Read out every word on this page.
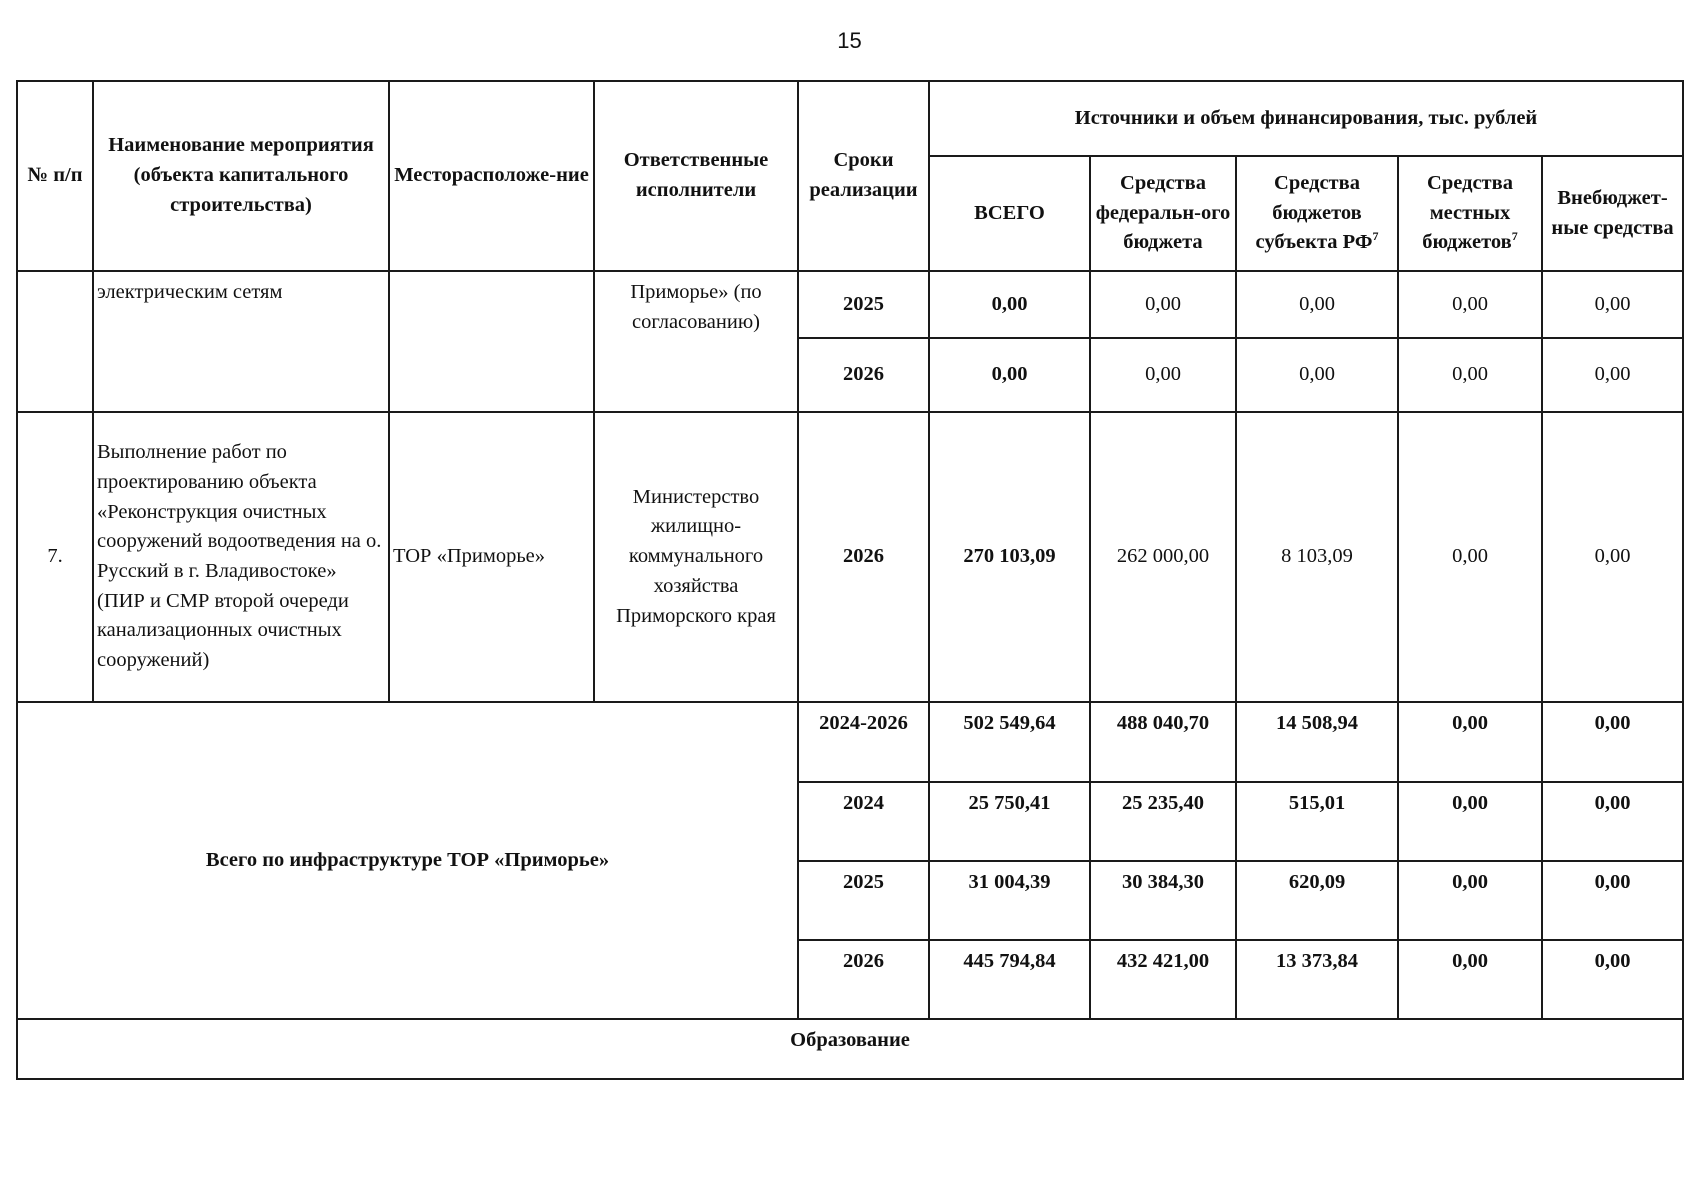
15
№ п/п	Наименование мероприятия (объекта капитального строительства)	Месторасположе-ние	Ответственные исполнители	Сроки реализации	Источники и объем финансирования, тыс. рублей				
					ВСЕГО	Средства федеральн-ого бюджета	Средства бюджетов субъекта $РФ^7$	Средства местных бюджетов$^7$	Внебюджет-ные средства
	электрическим сетям		Приморье» (по согласованию)	2025	0,00	0,00	0,00	0,00	0,00
				2026	0,00	0,00	0,00	0,00	0,00
7.	Выполнение работ по проектированию объекта «Реконструкция очистных сооружений водоотведения на о. Русский в г. Владивостоке» (ПИР и СМР второй очереди канализационных очистных сооружений)	ТОР «Приморье»	Министерство жилищно-коммунального хозяйства Приморского края	2026	270 103,09	262 000,00	8 103,09	0,00	0,00
Всего по инфраструктуре ТОР «Приморье»				2024-2026	502 549,64	488 040,70	14 508,94	0,00	0,00
				2024	25 750,41	25 235,40	515,01	0,00	0,00
				2025	31 004,39	30 384,30	620,09	0,00	0,00
				2026	445 794,84	432 421,00	13 373,84	0,00	0,00
Образование									
